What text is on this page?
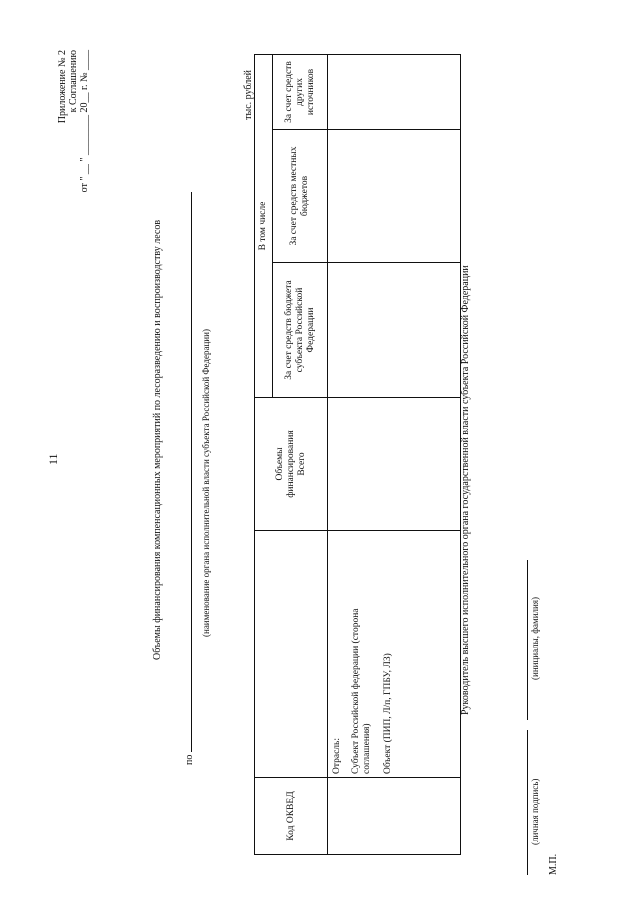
11
Приложение № 2 к Соглашению от " __ " ________ 20__ г. № ____
Объемы финансирования компенсационных мероприятий по лесоразведению и воспроизводству лесов
по
(наименование органа исполнительной власти субъекта Российской Федерации)
тыс. рублей
Код ОКВЕД		Объемы финансирования Всего	В том числе		
			За счет средств бюджета субъекта Российской Федерации	За счет средств местных бюджетов	За счет средств других источников

	Отрасль: Субъект Российской федерации (сторона соглашения) Объект (ПИП, Л/п, ГПБУ, ЛЗ)				
					Руководитель высшего исполнительного органа государственной власти субъекта Российской Федерации
(личная подпись)
(инициалы, фамилия)
М.П.
